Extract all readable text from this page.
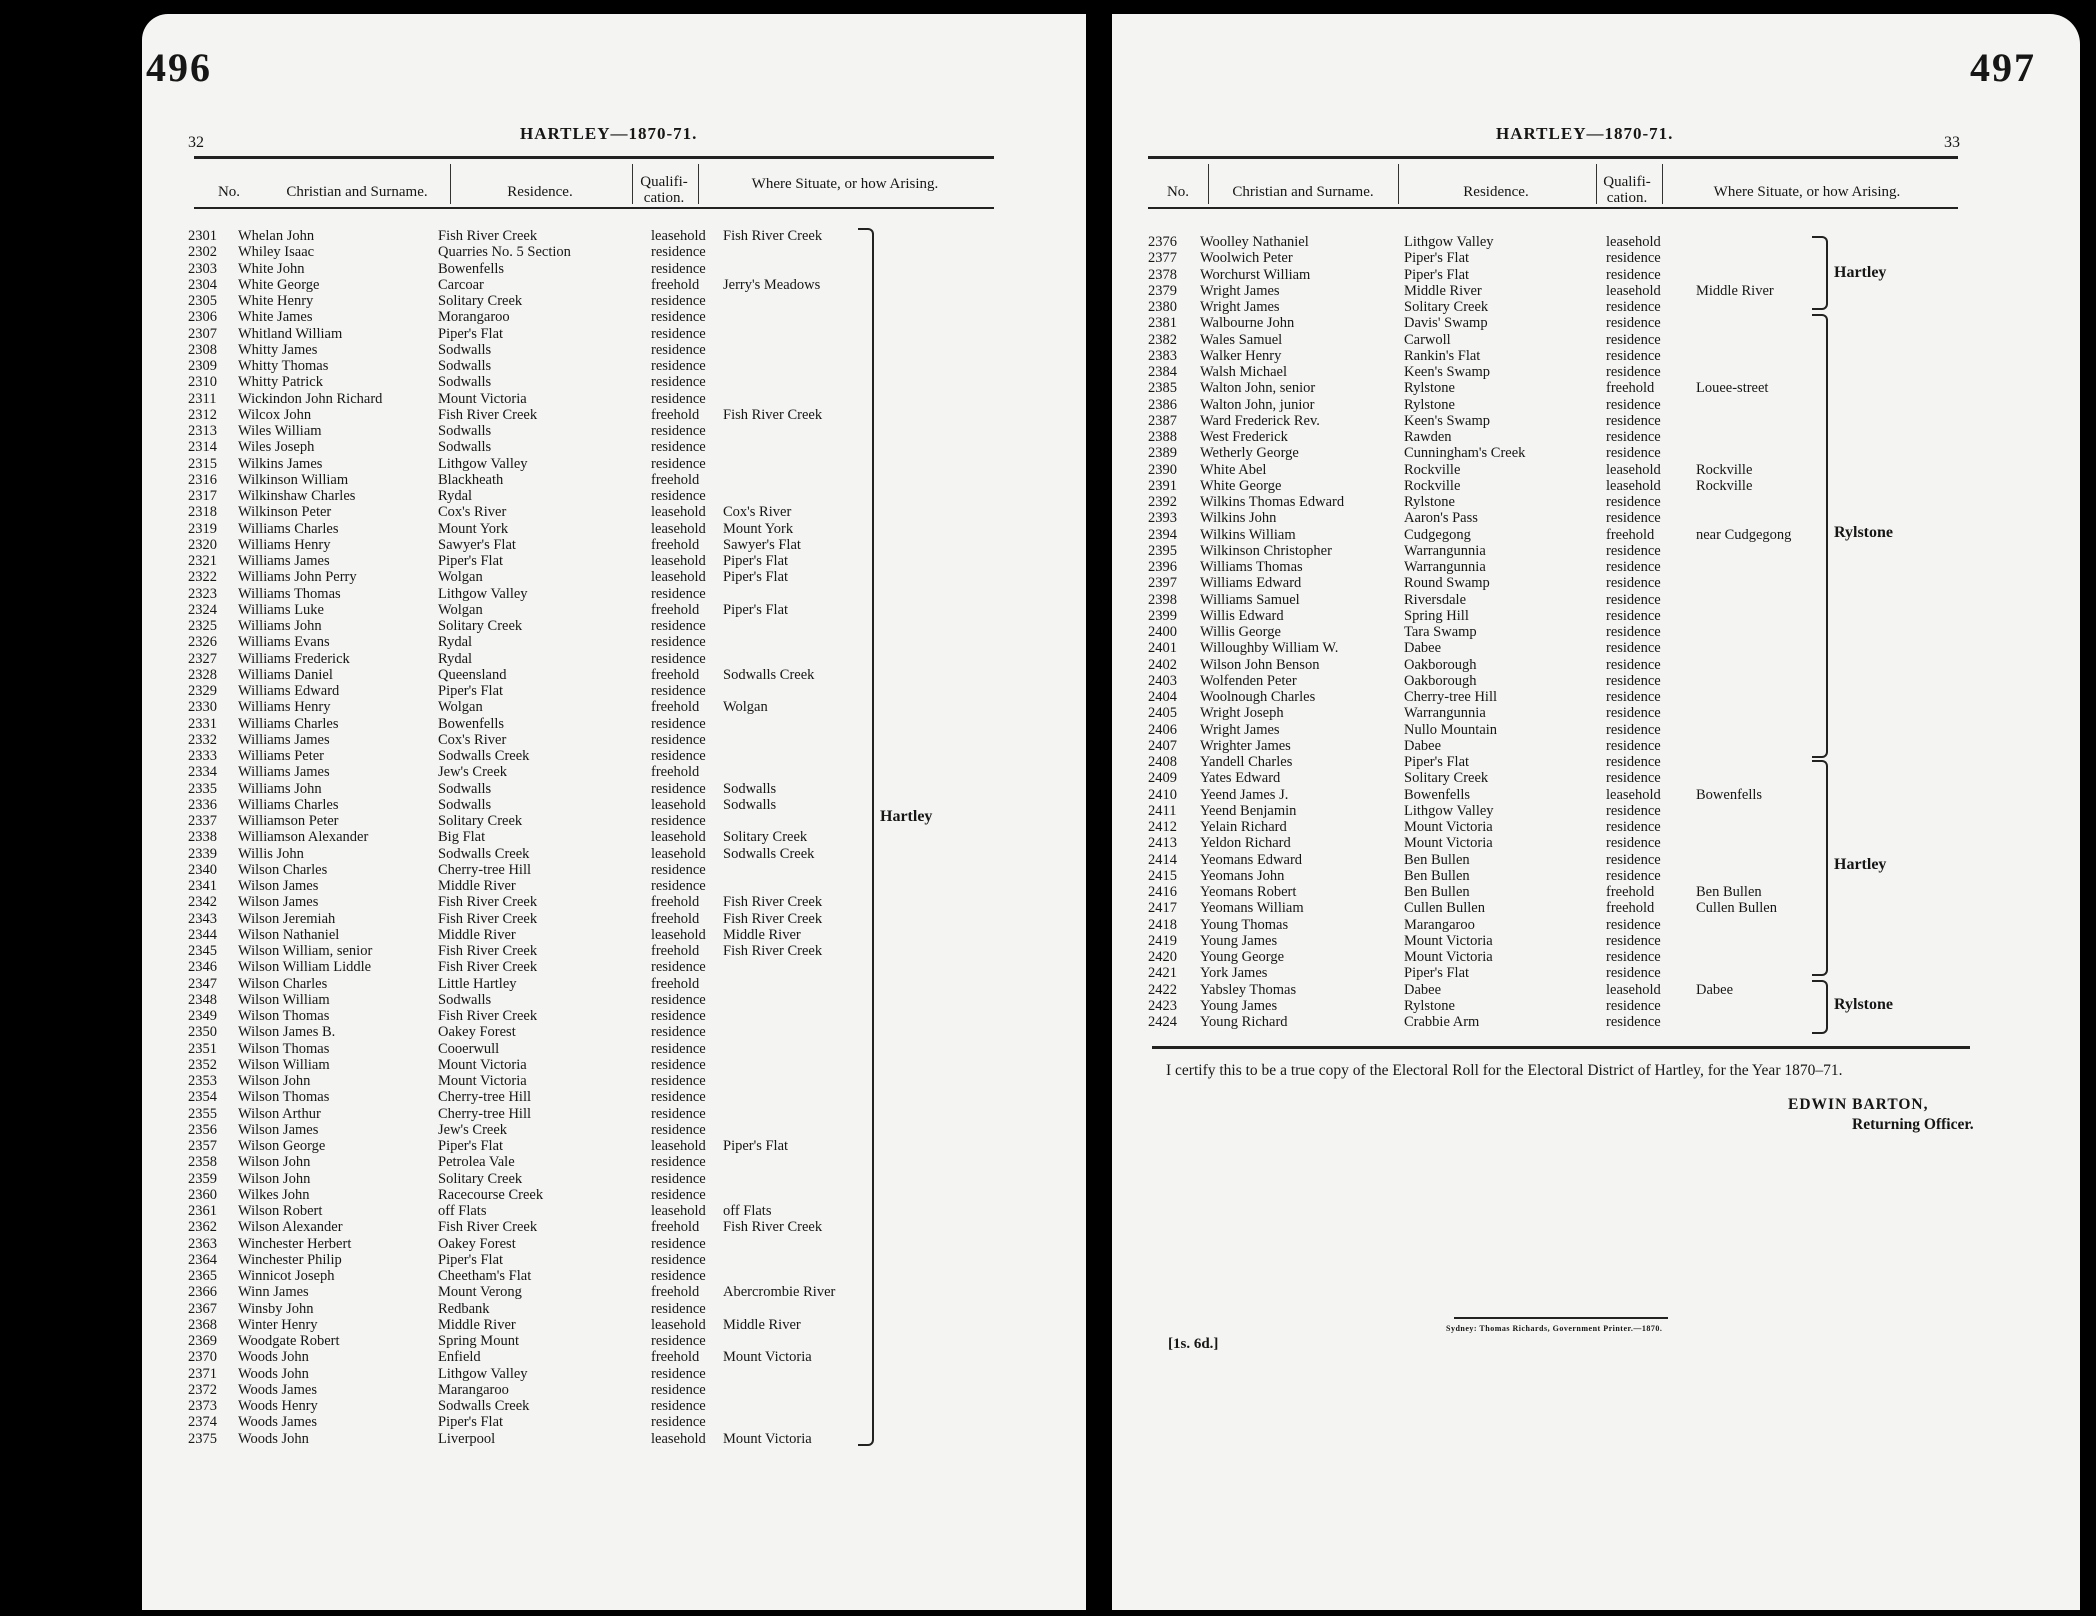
496
32	HARTLEY—1870-71.
No.	Christian and Surname.	Residence.
Qualifi-
cation.
Where Situate, or how Arising.
2301	Whelan John	Fish River Creek	leasehold	Fish River Creek	
2302	Whiley Isaac	Quarries No. 5 Section	residence		
2303	White John	Bowenfells	residence		
2304	White George	Carcoar	freehold	Jerry's Meadows	
2305	White Henry	Solitary Creek	residence		
2306	White James	Morangaroo	residence		
2307	Whitland William	Piper's Flat	residence		
2308	Whitty James	Sodwalls	residence		
2309	Whitty Thomas	Sodwalls	residence		
2310	Whitty Patrick	Sodwalls	residence		
2311	Wickindon John Richard	Mount Victoria	residence		
2312	Wilcox John	Fish River Creek	freehold	Fish River Creek	
2313	Wiles William	Sodwalls	residence		
2314	Wiles Joseph	Sodwalls	residence		
2315	Wilkins James	Lithgow Valley	residence		
2316	Wilkinson William	Blackheath	freehold		
2317	Wilkinshaw Charles	Rydal	residence		
2318	Wilkinson Peter	Cox's River	leasehold	Cox's River	
2319	Williams Charles	Mount York	leasehold	Mount York	
2320	Williams Henry	Sawyer's Flat	freehold	Sawyer's Flat	
2321	Williams James	Piper's Flat	leasehold	Piper's Flat	
2322	Williams John Perry	Wolgan	leasehold	Piper's Flat	
2323	Williams Thomas	Lithgow Valley	residence		
2324	Williams Luke	Wolgan	freehold	Piper's Flat	
2325	Williams John	Solitary Creek	residence		
2326	Williams Evans	Rydal	residence		
2327	Williams Frederick	Rydal	residence		
2328	Williams Daniel	Queensland	freehold	Sodwalls Creek	
2329	Williams Edward	Piper's Flat	residence		
2330	Williams Henry	Wolgan	freehold	Wolgan	
2331	Williams Charles	Bowenfells	residence		
2332	Williams James	Cox's River	residence		
2333	Williams Peter	Sodwalls Creek	residence		
2334	Williams James	Jew's Creek	freehold		
2335	Williams John	Sodwalls	residence	Sodwalls	
2336	Williams Charles	Sodwalls	leasehold	Sodwalls	
2337	Williamson Peter	Solitary Creek	residence		
2338	Williamson Alexander	Big Flat	leasehold	Solitary Creek	
2339	Willis John	Sodwalls Creek	leasehold	Sodwalls Creek	
2340	Wilson Charles	Cherry-tree Hill	residence		
2341	Wilson James	Middle River	residence		
2342	Wilson James	Fish River Creek	freehold	Fish River Creek	
2343	Wilson Jeremiah	Fish River Creek	freehold	Fish River Creek	
2344	Wilson Nathaniel	Middle River	leasehold	Middle River	
2345	Wilson William, senior	Fish River Creek	freehold	Fish River Creek	
2346	Wilson William Liddle	Fish River Creek	residence		
2347	Wilson Charles	Little Hartley	freehold		
2348	Wilson William	Sodwalls	residence		
2349	Wilson Thomas	Fish River Creek	residence		
2350	Wilson James B.	Oakey Forest	residence		
2351	Wilson Thomas	Cooerwull	residence		
2352	Wilson William	Mount Victoria	residence		
2353	Wilson John	Mount Victoria	residence		
2354	Wilson Thomas	Cherry-tree Hill	residence		
2355	Wilson Arthur	Cherry-tree Hill	residence		
2356	Wilson James	Jew's Creek	residence		
2357	Wilson George	Piper's Flat	leasehold	Piper's Flat	
2358	Wilson John	Petrolea Vale	residence		
2359	Wilson John	Solitary Creek	residence		
2360	Wilkes John	Racecourse Creek	residence		
2361	Wilson Robert	off Flats	leasehold	off Flats	
2362	Wilson Alexander	Fish River Creek	freehold	Fish River Creek	
2363	Winchester Herbert	Oakey Forest	residence		
2364	Winchester Philip	Piper's Flat	residence		
2365	Winnicot Joseph	Cheetham's Flat	residence		
2366	Winn James	Mount Verong	freehold	Abercrombie River	
2367	Winsby John	Redbank	residence		
2368	Winter Henry	Middle River	leasehold	Middle River	
2369	Woodgate Robert	Spring Mount	residence		
2370	Woods John	Enfield	freehold	Mount Victoria	
2371	Woods John	Lithgow Valley	residence		
2372	Woods James	Marangaroo	residence		
2373	Woods Henry	Sodwalls Creek	residence		
2374	Woods James	Piper's Flat	residence		
2375	Woods John	Liverpool	leasehold	Mount Victoria	
Hartley
497
33
HARTLEY—1870-71.
No.	Christian and Surname.	Residence.
Qualifi-
cation.	Where Situate, or how Arising.
2376	Woolley Nathaniel	Lithgow Valley	leasehold		
2377	Woolwich Peter	Piper's Flat	residence		
2378	Worchurst William	Piper's Flat	residence		
2379	Wright James	Middle River	leasehold	Middle River	
2380	Wright James	Solitary Creek	residence		
2381	Walbourne John	Davis' Swamp	residence		
2382	Wales Samuel	Carwoll	residence		
2383	Walker Henry	Rankin's Flat	residence		
2384	Walsh Michael	Keen's Swamp	residence		
2385	Walton John, senior	Rylstone	freehold	Louee-street	
2386	Walton John, junior	Rylstone	residence		
2387	Ward Frederick Rev.	Keen's Swamp	residence		
2388	West Frederick	Rawden	residence		
2389	Wetherly George	Cunningham's Creek	residence		
2390	White Abel	Rockville	leasehold	Rockville	
2391	White George	Rockville	leasehold	Rockville	
2392	Wilkins Thomas Edward	Rylstone	residence		
2393	Wilkins John	Aaron's Pass	residence		
2394	Wilkins William	Cudgegong	freehold	near Cudgegong	
2395	Wilkinson Christopher	Warrangunnia	residence		
2396	Williams Thomas	Warrangunnia	residence		
2397	Williams Edward	Round Swamp	residence		
2398	Williams Samuel	Riversdale	residence		
2399	Willis Edward	Spring Hill	residence		
2400	Willis George	Tara Swamp	residence		
2401	Willoughby William W.	Dabee	residence		
2402	Wilson John Benson	Oakborough	residence		
2403	Wolfenden Peter	Oakborough	residence		
2404	Woolnough Charles	Cherry-tree Hill	residence		
2405	Wright Joseph	Warrangunnia	residence		
2406	Wright James	Nullo Mountain	residence		
2407	Wrighter James	Dabee	residence		
2408	Yandell Charles	Piper's Flat	residence		
2409	Yates Edward	Solitary Creek	residence		
2410	Yeend James J.	Bowenfells	leasehold	Bowenfells	
2411	Yeend Benjamin	Lithgow Valley	residence		
2412	Yelain Richard	Mount Victoria	residence		
2413	Yeldon Richard	Mount Victoria	residence		
2414	Yeomans Edward	Ben Bullen	residence		
2415	Yeomans John	Ben Bullen	residence		
2416	Yeomans Robert	Ben Bullen	freehold	Ben Bullen	
2417	Yeomans William	Cullen Bullen	freehold	Cullen Bullen	
2418	Young Thomas	Marangaroo	residence		
2419	Young James	Mount Victoria	residence		
2420	Young George	Mount Victoria	residence		
2421	York James	Piper's Flat	residence		
2422	Yabsley Thomas	Dabee	leasehold	Dabee	
2423	Young James	Rylstone	residence		
2424	Young Richard	Crabbie Arm	residence		
Hartley
Rylstone
Hartley
Rylstone
I certify this to be a true copy of the Electoral Roll for the Electoral District of Hartley, for the Year 1870–71.
EDWIN BARTON,
Returning Officer.
Sydney: Thomas Richards, Government Printer.—1870.
[1s. 6d.]
